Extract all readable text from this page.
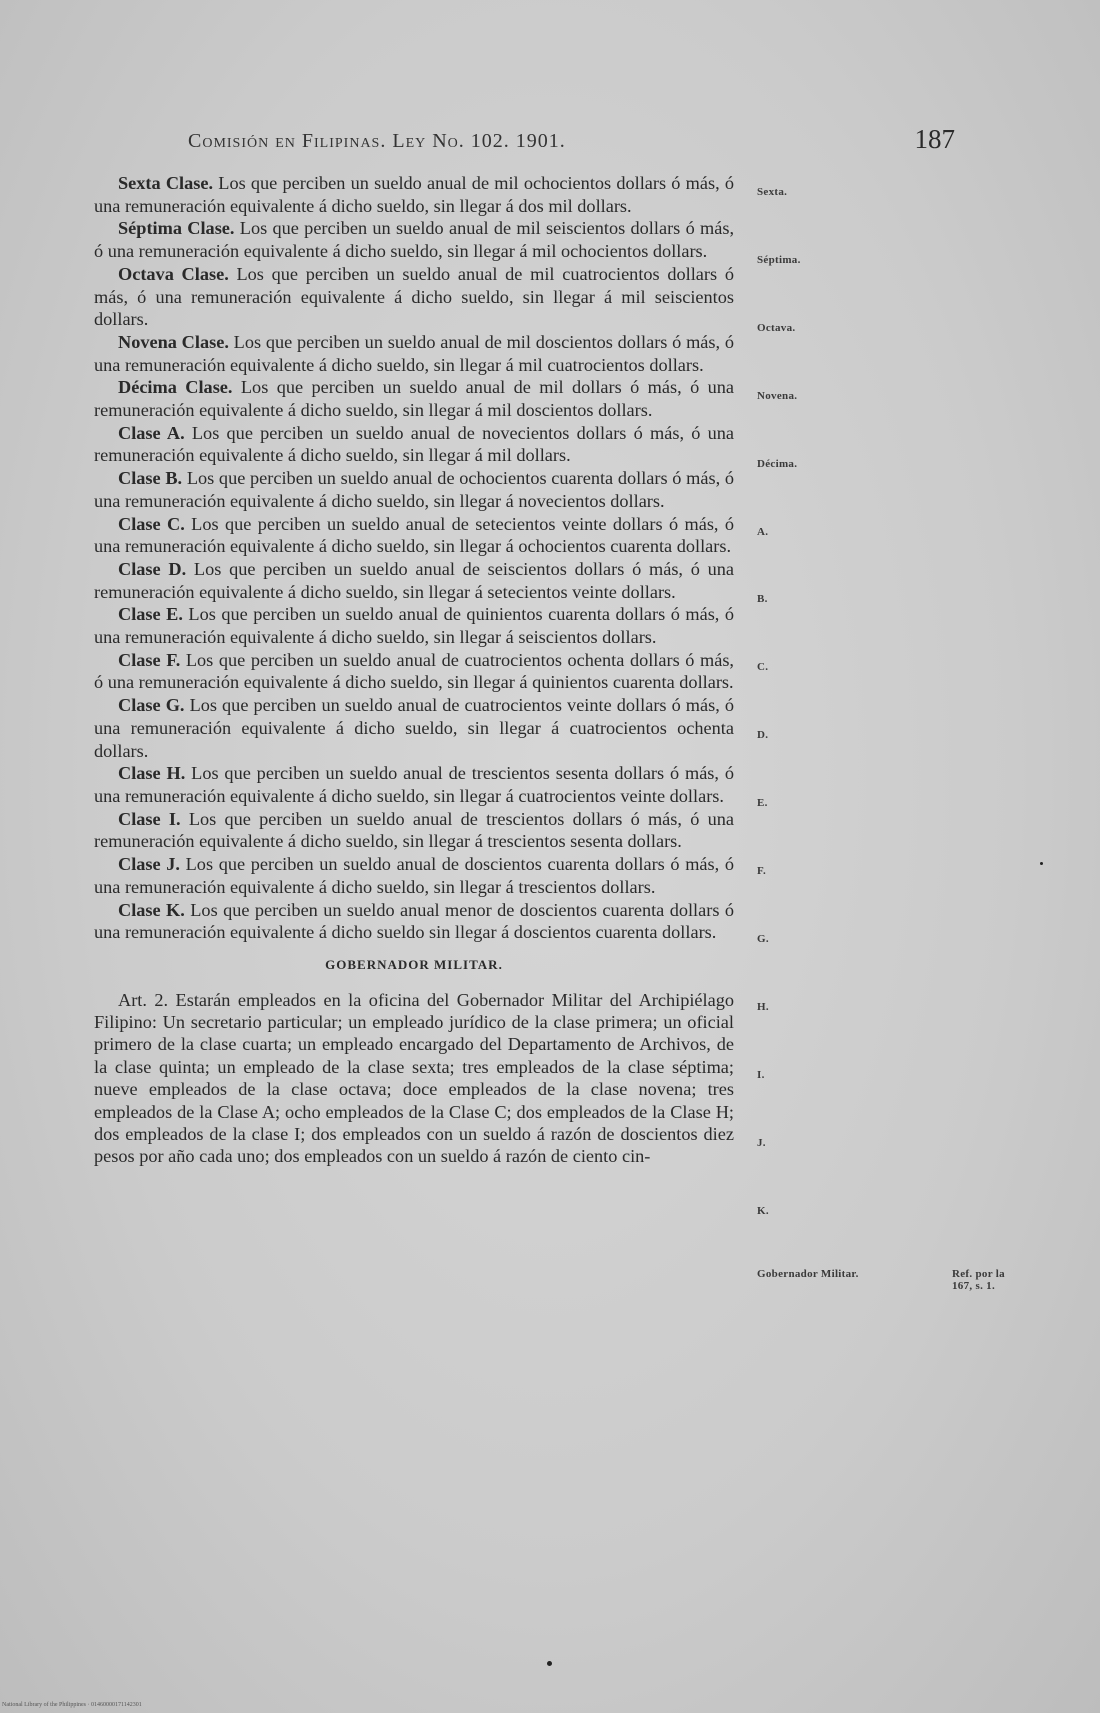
Comisión en Filipinas. Ley No. 102. 1901.	187

Sexta Clase. Los que perciben un sueldo anual de mil ochocientos dollars ó más, ó una remuneración equivalente á dicho sueldo, sin llegar á dos mil dollars.

Séptima Clase. Los que perciben un sueldo anual de mil seiscientos dollars ó más, ó una remuneración equivalente á dicho sueldo, sin llegar á mil ochocientos dollars.

Octava Clase. Los que perciben un sueldo anual de mil cuatrocientos dollars ó más, ó una remuneración equivalente á dicho sueldo, sin llegar á mil seiscientos dollars.

Novena Clase. Los que perciben un sueldo anual de mil doscientos dollars ó más, ó una remuneración equivalente á dicho sueldo, sin llegar á mil cuatrocientos dollars.

Décima Clase. Los que perciben un sueldo anual de mil dollars ó más, ó una remuneración equivalente á dicho sueldo, sin llegar á mil doscientos dollars.

Clase A. Los que perciben un sueldo anual de novecientos dollars ó más, ó una remuneración equivalente á dicho sueldo, sin llegar á mil dollars.

Clase B. Los que perciben un sueldo anual de ochocientos cuarenta dollars ó más, ó una remuneración equivalente á dicho sueldo, sin llegar á novecientos dollars.

Clase C. Los que perciben un sueldo anual de setecientos veinte dollars ó más, ó una remuneración equivalente á dicho sueldo, sin llegar á ochocientos cuarenta dollars.

Clase D. Los que perciben un sueldo anual de seiscientos dollars ó más, ó una remuneración equivalente á dicho sueldo, sin llegar á setecientos veinte dollars.

Clase E. Los que perciben un sueldo anual de quinientos cuarenta dollars ó más, ó una remuneración equivalente á dicho sueldo, sin llegar á seiscientos dollars.

Clase F. Los que perciben un sueldo anual de cuatrocientos ochenta dollars ó más, ó una remuneración equivalente á dicho sueldo, sin llegar á quinientos cuarenta dollars.

Clase G. Los que perciben un sueldo anual de cuatrocientos veinte dollars ó más, ó una remuneración equivalente á dicho sueldo, sin llegar á cuatrocientos ochenta dollars.

Clase H. Los que perciben un sueldo anual de trescientos sesenta dollars ó más, ó una remuneración equivalente á dicho sueldo, sin llegar á cuatrocientos veinte dollars.

Clase I. Los que perciben un sueldo anual de trescientos dollars ó más, ó una remuneración equivalente á dicho sueldo, sin llegar á trescientos sesenta dollars.

Clase J. Los que perciben un sueldo anual de doscientos cuarenta dollars ó más, ó una remuneración equivalente á dicho sueldo, sin llegar á trescientos dollars.

Clase K. Los que perciben un sueldo anual menor de doscientos cuarenta dollars ó una remuneración equivalente á dicho sueldo sin llegar á doscientos cuarenta dollars.

GOBERNADOR MILITAR.

Art. 2. Estarán empleados en la oficina del Gobernador Militar del Archipiélago Filipino: Un secretario particular; un empleado jurídico de la clase primera; un oficial primero de la clase cuarta; un empleado encargado del Departamento de Archivos, de la clase quinta; un empleado de la clase sexta; tres empleados de la clase séptima; nueve empleados de la clase octava; doce empleados de la clase novena; tres empleados de la Clase A; ocho empleados de la Clase C; dos empleados de la Clase H; dos empleados de la clase I; dos empleados con un sueldo á razón de doscientos diez pesos por año cada uno; dos empleados con un sueldo á razón de ciento cin-

Sexta.
Séptima.
Octava.
Novena.
Décima.
A.
B.
C.
D.
E.
F.
G.
H.
I.
J.
K.
Gobernador Militar.	Ref. por la 167, s. 1.
National Library of the Philippines · 01460000171142301
